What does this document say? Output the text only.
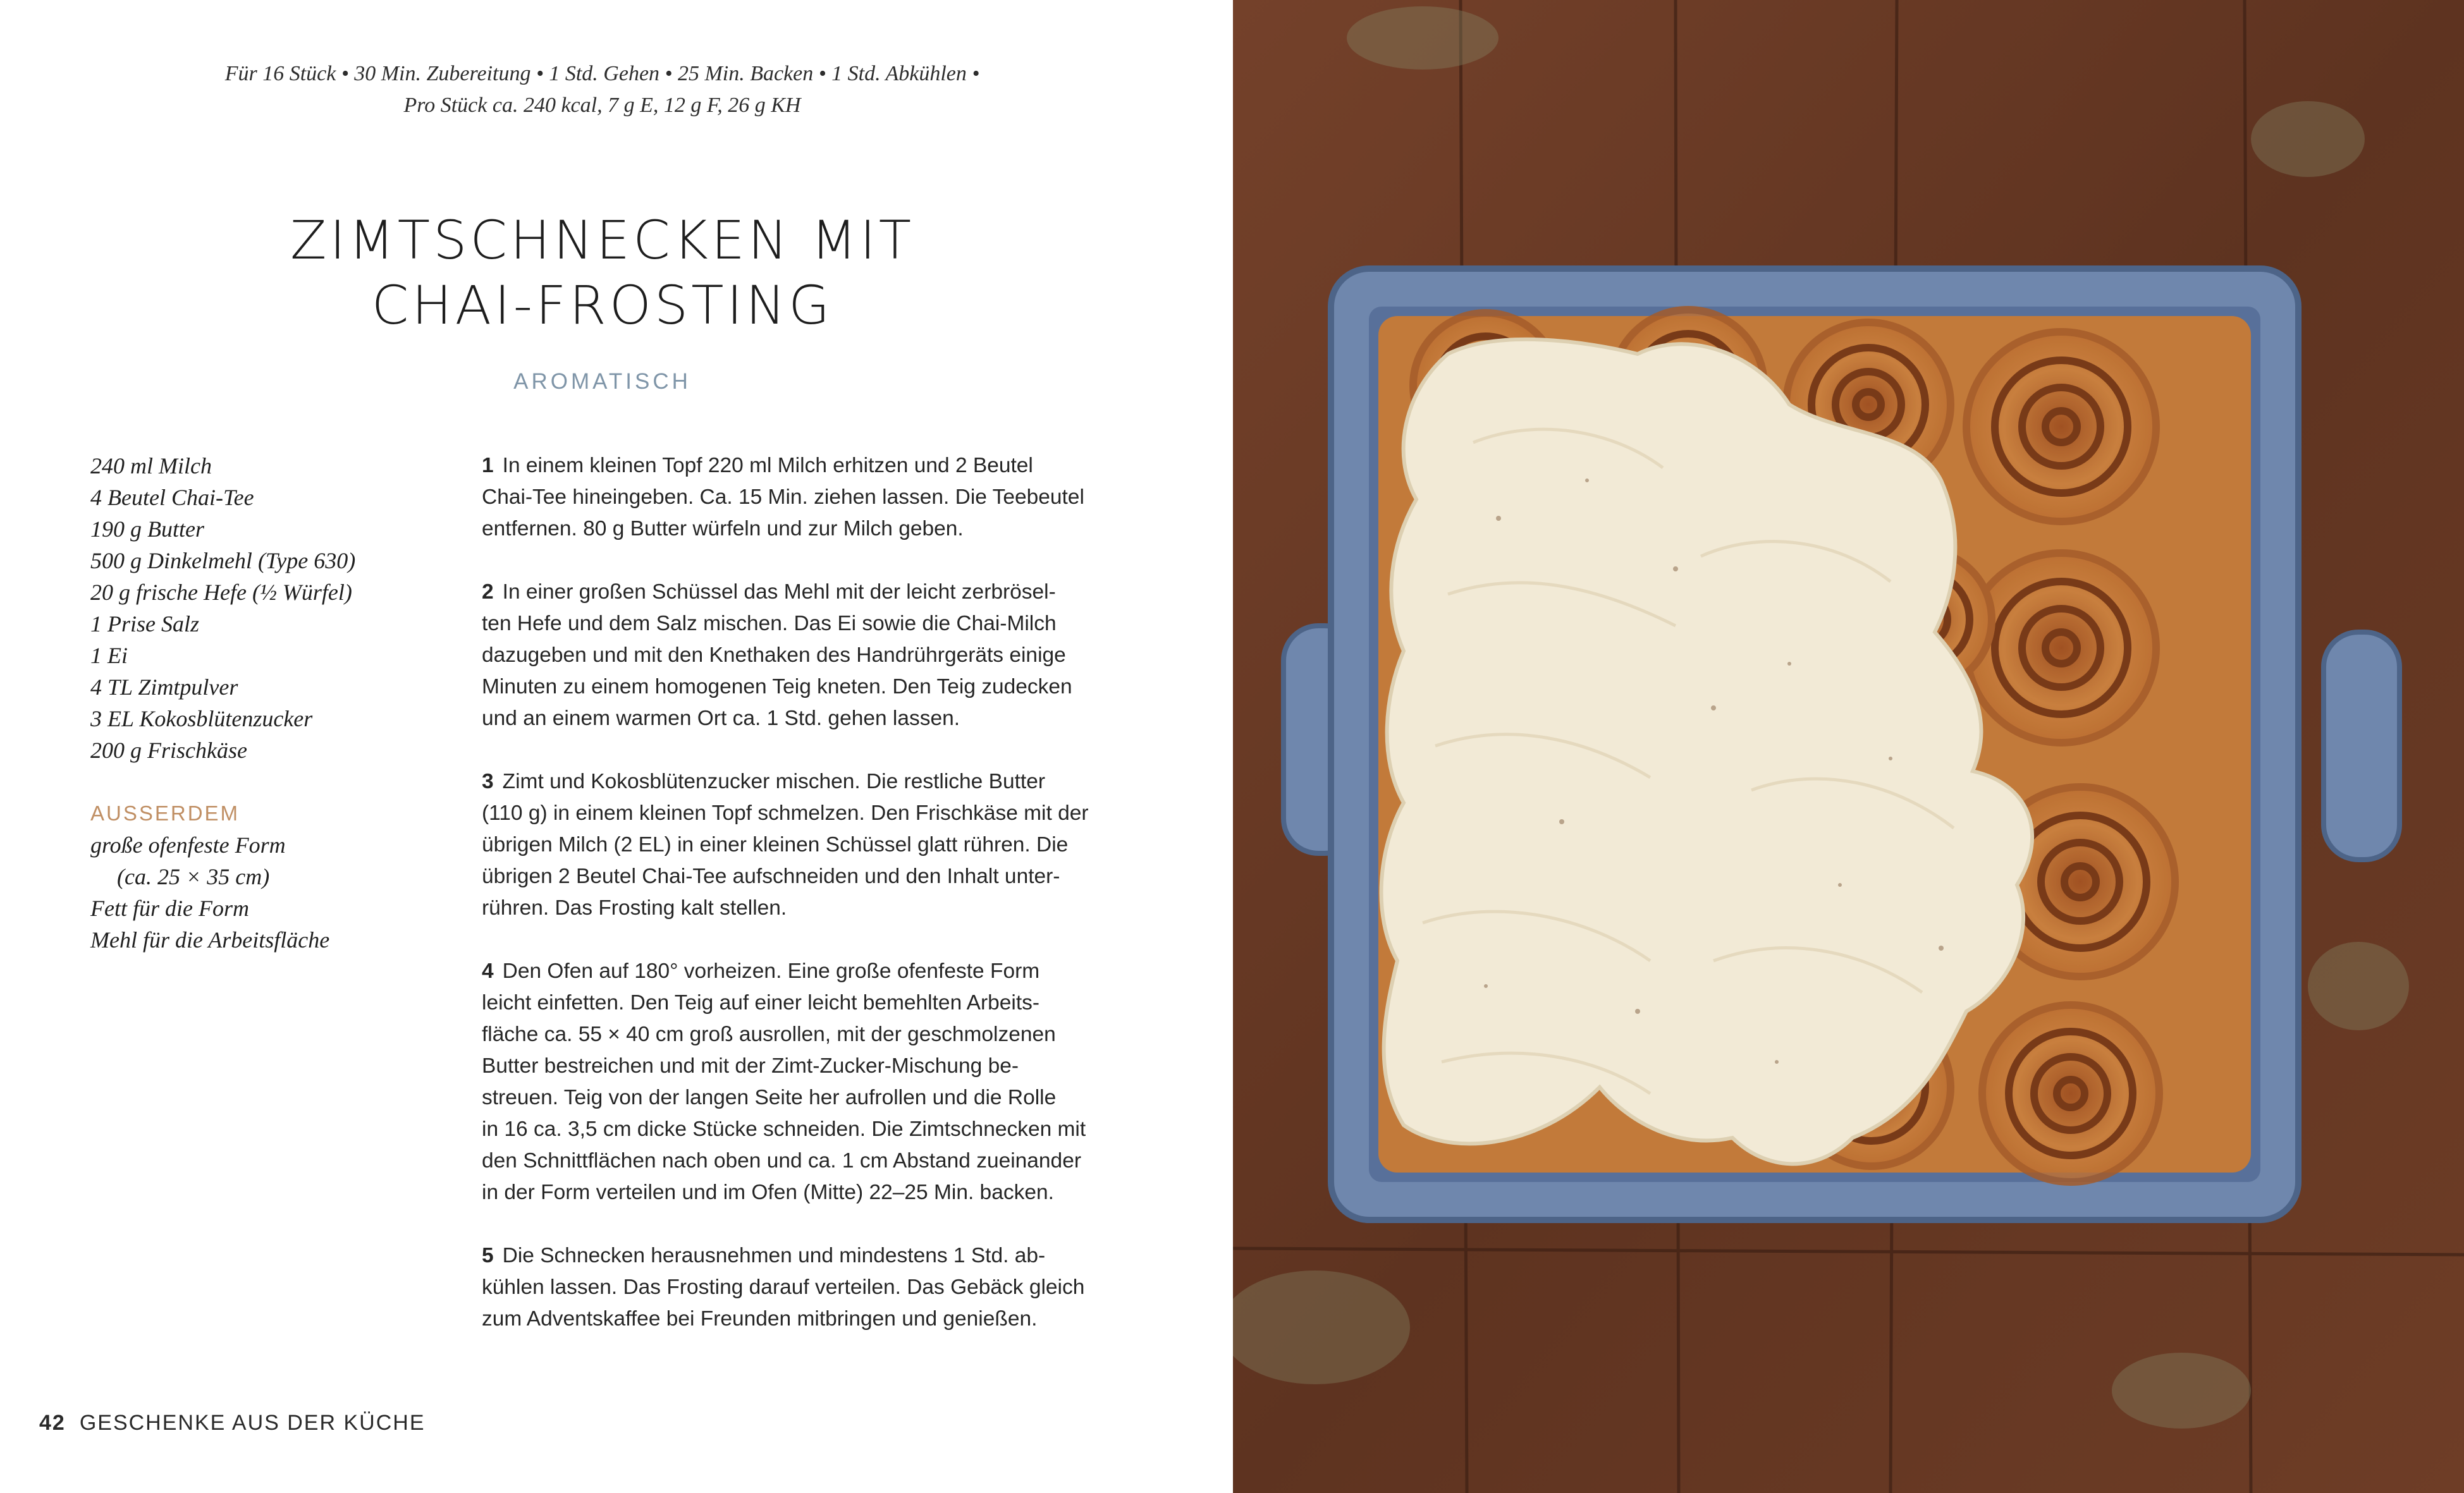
Für 16 Stück • 30 Min. Zubereitung • 1 Std. Gehen • 25 Min. Backen • 1 Std. Abkühlen •
Pro Stück ca. 240 kcal, 7 g E, 12 g F, 26 g KH
ZIMTSCHNECKEN MIT
CHAI-FROSTING
AROMATISCH
240 ml Milch
4 Beutel Chai-Tee
190 g Butter
500 g Dinkelmehl (Type 630)
20 g frische Hefe (½ Würfel)
1 Prise Salz
1 Ei
4 TL Zimtpulver
3 EL Kokosblütenzucker
200 g Frischkäse
AUSSERDEM
große ofenfeste Form
(ca. 25 × 35 cm)
Fett für die Form
Mehl für die Arbeitsfläche
1 In einem kleinen Topf 220 ml Milch erhitzen und 2 Beutel
Chai-Tee hineingeben. Ca. 15 Min. ziehen lassen. Die Teebeutel
entfernen. 80 g Butter würfeln und zur Milch geben.
2 In einer großen Schüssel das Mehl mit der leicht zerbrösel-
ten Hefe und dem Salz mischen. Das Ei sowie die Chai-Milch
dazugeben und mit den Knethaken des Handrührgeräts einige
Minuten zu einem homogenen Teig kneten. Den Teig zudecken
und an einem warmen Ort ca. 1 Std. gehen lassen.
3 Zimt und Kokosblütenzucker mischen. Die restliche Butter
(110 g) in einem kleinen Topf schmelzen. Den Frischkäse mit der
übrigen Milch (2 EL) in einer kleinen Schüssel glatt rühren. Die
übrigen 2 Beutel Chai-Tee aufschneiden und den Inhalt unter-
rühren. Das Frosting kalt stellen.
4 Den Ofen auf 180° vorheizen. Eine große ofenfeste Form
leicht einfetten. Den Teig auf einer leicht bemehlten Arbeits-
fläche ca. 55 × 40 cm groß ausrollen, mit der geschmolzenen
Butter bestreichen und mit der Zimt-Zucker-Mischung be-
streuen. Teig von der langen Seite her aufrollen und die Rolle
in 16 ca. 3,5 cm dicke Stücke schneiden. Die Zimtschnecken mit
den Schnittflächen nach oben und ca. 1 cm Abstand zueinander
in der Form verteilen und im Ofen (Mitte) 22–25 Min. backen.
5 Die Schnecken herausnehmen und mindestens 1 Std. ab-
kühlen lassen. Das Frosting darauf verteilen. Das Gebäck gleich
zum Adventskaffee bei Freunden mitbringen und genießen.
42 GESCHENKE AUS DER KÜCHE
